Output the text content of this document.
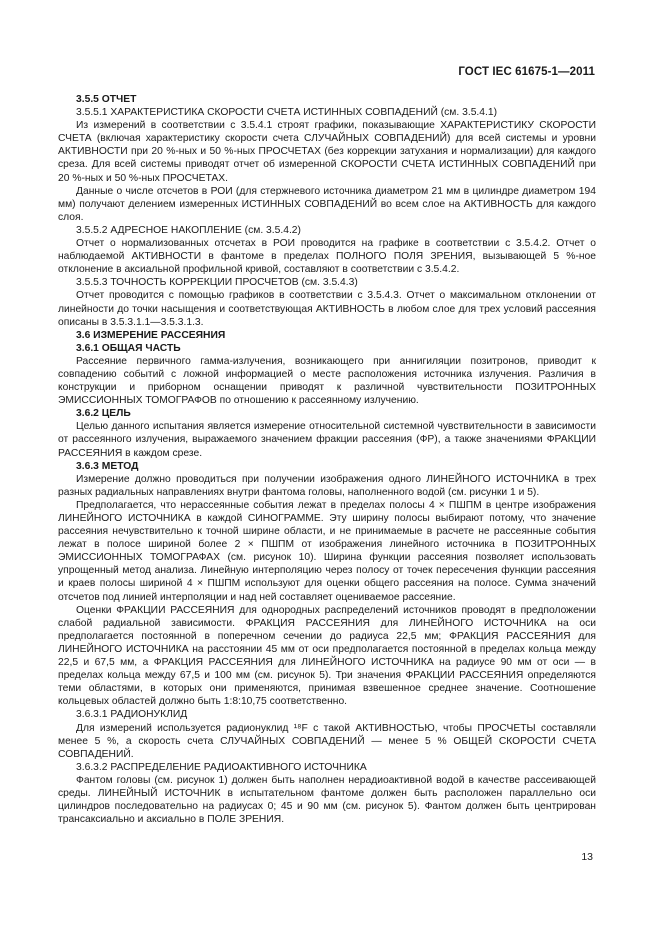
ГОСТ IEC 61675-1—2011

3.5.5 ОТЧЕТ

3.5.5.1 ХАРАКТЕРИСТИКА СКОРОСТИ СЧЕТА ИСТИННЫХ СОВПАДЕНИЙ (см. 3.5.4.1)

Из измерений в соответствии с 3.5.4.1 строят графики, показывающие ХАРАКТЕРИСТИКУ СКОРОСТИ СЧЕТА (включая характеристику скорости счета СЛУЧАЙНЫХ СОВПАДЕНИЙ) для всей системы и уровни АКТИВНОСТИ при 20 %-ных и 50 %-ных ПРОСЧЕТАХ (без коррекции затухания и нормализации) для каждого среза. Для всей системы приводят отчет об измеренной СКОРОСТИ СЧЕТА ИСТИННЫХ СОВПАДЕНИЙ при 20 %-ных и 50 %-ных ПРОСЧЕТАХ.

Данные о числе отсчетов в РОИ (для стержневого источника диаметром 21 мм в цилиндре диаметром 194 мм) получают делением измеренных ИСТИННЫХ СОВПАДЕНИЙ во всем слое на АКТИВНОСТЬ для каждого слоя.

3.5.5.2 АДРЕСНОЕ НАКОПЛЕНИЕ (см. 3.5.4.2)

Отчет о нормализованных отсчетах в РОИ проводится на графике в соответствии с 3.5.4.2. Отчет о наблюдаемой АКТИВНОСТИ в фантоме в пределах ПОЛНОГО ПОЛЯ ЗРЕНИЯ, вызывающей 5 %-ное отклонение в аксиальной профильной кривой, составляют в соответствии с 3.5.4.2.

3.5.5.3 ТОЧНОСТЬ КОРРЕКЦИИ ПРОСЧЕТОВ (см. 3.5.4.3)

Отчет проводится с помощью графиков в соответствии с 3.5.4.3. Отчет о максимальном отклонении от линейности до точки насыщения и соответствующая АКТИВНОСТЬ в любом слое для трех условий рассеяния описаны в 3.5.3.1.1—3.5.3.1.3.

3.6 ИЗМЕРЕНИЕ РАССЕЯНИЯ

3.6.1 ОБЩАЯ ЧАСТЬ

Рассеяние первичного гамма-излучения, возникающего при аннигиляции позитронов, приводит к совпадению событий с ложной информацией о месте расположения источника излучения. Различия в конструкции и приборном оснащении приводят к различной чувствительности ПОЗИТРОННЫХ ЭМИССИОННЫХ ТОМОГРАФОВ по отношению к рассеянному излучению.

3.6.2 ЦЕЛЬ

Целью данного испытания является измерение относительной системной чувствительности в зависимости от рассеянного излучения, выражаемого значением фракции рассеяния (ФР), а также значениями ФРАКЦИИ РАССЕЯНИЯ в каждом срезе.

3.6.3 МЕТОД

Измерение должно проводиться при получении изображения одного ЛИНЕЙНОГО ИСТОЧНИКА в трех разных радиальных направлениях внутри фантома головы, наполненного водой (см. рисунки 1 и 5).

Предполагается, что нерассеянные события лежат в пределах полосы 4 × ПШПМ в центре изображения ЛИНЕЙНОГО ИСТОЧНИКА в каждой СИНОГРАММЕ. Эту ширину полосы выбирают потому, что значение рассеяния нечувствительно к точной ширине области, и не принимаемые в расчете не рассеянные события лежат в полосе шириной более 2 × ПШПМ от изображения линейного источника в ПОЗИТРОННЫХ ЭМИССИОННЫХ ТОМОГРАФАХ (см. рисунок 10). Ширина функции рассеяния позволяет использовать упрощенный метод анализа. Линейную интерполяцию через полосу от точек пересечения функции рассеяния и краев полосы шириной 4 × ПШПМ используют для оценки общего рассеяния на полосе. Сумма значений отсчетов под линией интерполяции и над ней составляет оцениваемое рассеяние.

Оценки ФРАКЦИИ РАССЕЯНИЯ для однородных распределений источников проводят в предположении слабой радиальной зависимости. ФРАКЦИЯ РАССЕЯНИЯ для ЛИНЕЙНОГО ИСТОЧНИКА на оси предполагается постоянной в поперечном сечении до радиуса 22,5 мм; ФРАКЦИЯ РАССЕЯНИЯ для ЛИНЕЙНОГО ИСТОЧНИКА на расстоянии 45 мм от оси предполагается постоянной в пределах кольца между 22,5 и 67,5 мм, а ФРАКЦИЯ РАССЕЯНИЯ для ЛИНЕЙНОГО ИСТОЧНИКА на радиусе 90 мм от оси — в пределах кольца между 67,5 и 100 мм (см. рисунок 5). Три значения ФРАКЦИИ РАССЕЯНИЯ определяются теми областями, в которых они применяются, принимая взвешенное среднее значение. Соотношение кольцевых областей должно быть 1:8:10,75 соответственно.

3.6.3.1 РАДИОНУКЛИД

Для измерений используется радионуклид ¹⁸F с такой АКТИВНОСТЬЮ, чтобы ПРОСЧЕТЫ составляли менее 5 %, а скорость счета СЛУЧАЙНЫХ СОВПАДЕНИЙ — менее 5 % ОБЩЕЙ СКОРОСТИ СЧЕТА СОВПАДЕНИЙ.

3.6.3.2 РАСПРЕДЕЛЕНИЕ РАДИОАКТИВНОГО ИСТОЧНИКА

Фантом головы (см. рисунок 1) должен быть наполнен нерадиоактивной водой в качестве рассеивающей среды. ЛИНЕЙНЫЙ ИСТОЧНИК в испытательном фантоме должен быть расположен параллельно оси цилиндров последовательно на радиусах 0; 45 и 90 мм (см. рисунок 5). Фантом должен быть центрирован трансаксиально и аксиально в ПОЛЕ ЗРЕНИЯ.

13
